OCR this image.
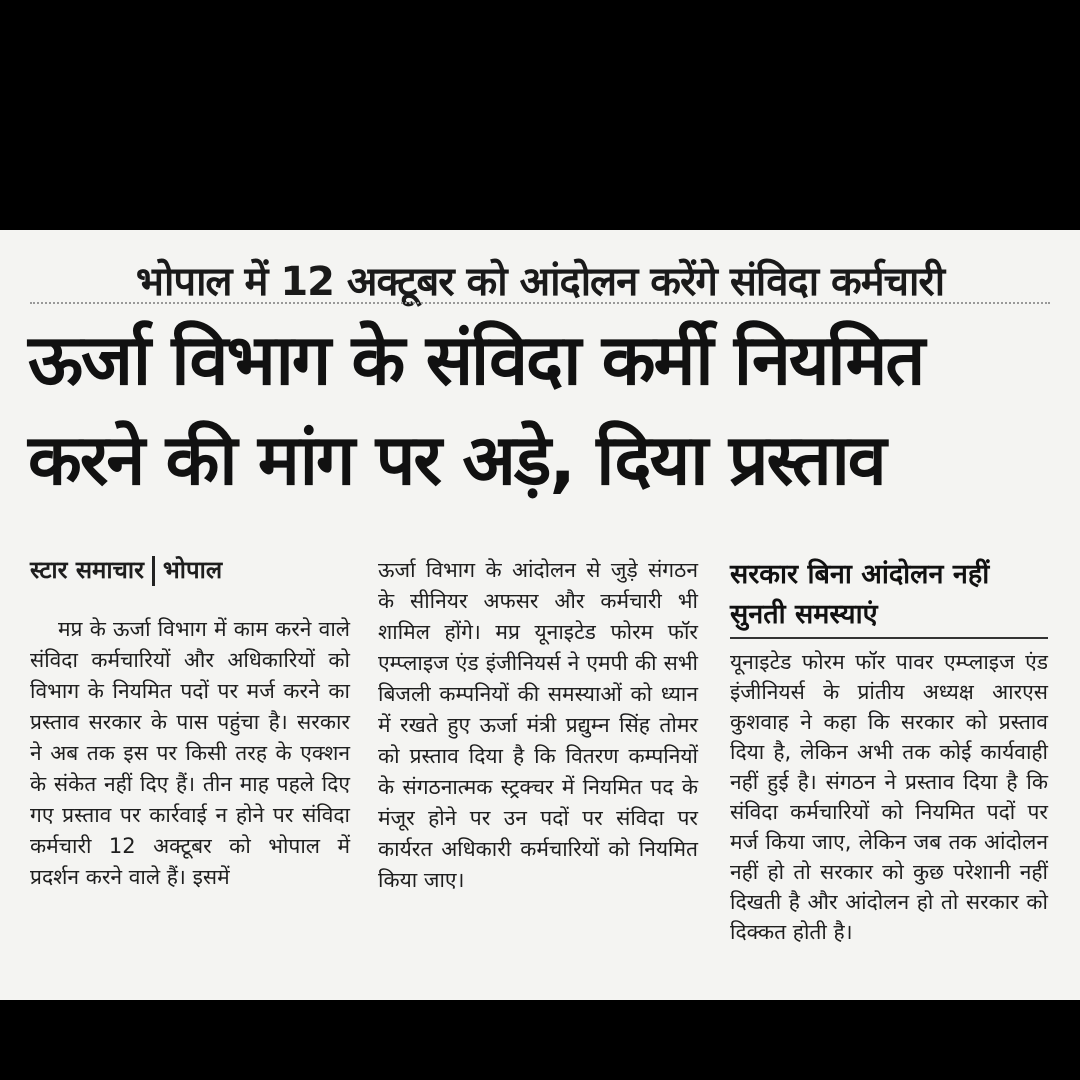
भोपाल में 12 अक्टूबर को आंदोलन करेंगे संविदा कर्मचारी
ऊर्जा विभाग के संविदा कर्मी नियमित
करने की मांग पर अड़े, दिया प्रस्ताव
स्टार समाचार भोपाल

मप्र के ऊर्जा विभाग में काम करने वाले संविदा कर्मचारियों और अधिकारियों को विभाग के नियमित पदों पर मर्ज करने का प्रस्ताव सरकार के पास पहुंचा है। सरकार ने अब तक इस पर किसी तरह के एक्शन के संकेत नहीं दिए हैं। तीन माह पहले दिए गए प्रस्ताव पर कार्रवाई न होने पर संविदा कर्मचारी 12 अक्टूबर को भोपाल में प्रदर्शन करने वाले हैं। इसमें

ऊर्जा विभाग के आंदोलन से जुड़े संगठन के सीनियर अफसर और कर्मचारी भी शामिल होंगे। मप्र यूनाइटेड फोरम फॉर एम्प्लाइज एंड इंजीनियर्स ने एमपी की सभी बिजली कम्पनियों की समस्याओं को ध्यान में रखते हुए ऊर्जा मंत्री प्रद्युम्न सिंह तोमर को प्रस्ताव दिया है कि वितरण कम्पनियों के संगठनात्मक स्ट्रक्चर में नियमित पद के मंजूर होने पर उन पदों पर संविदा पर कार्यरत अधिकारी कर्मचारियों को नियमित किया जाए।

सरकार बिना आंदोलन नहीं सुनती समस्याएं

यूनाइटेड फोरम फॉर पावर एम्प्लाइज एंड इंजीनियर्स के प्रांतीय अध्यक्ष आरएस कुशवाह ने कहा कि सरकार को प्रस्ताव दिया है, लेकिन अभी तक कोई कार्यवाही नहीं हुई है। संगठन ने प्रस्ताव दिया है कि संविदा कर्मचारियों को नियमित पदों पर मर्ज किया जाए, लेकिन जब तक आंदोलन नहीं हो तो सरकार को कुछ परेशानी नहीं दिखती है और आंदोलन हो तो सरकार को दिक्कत होती है।
